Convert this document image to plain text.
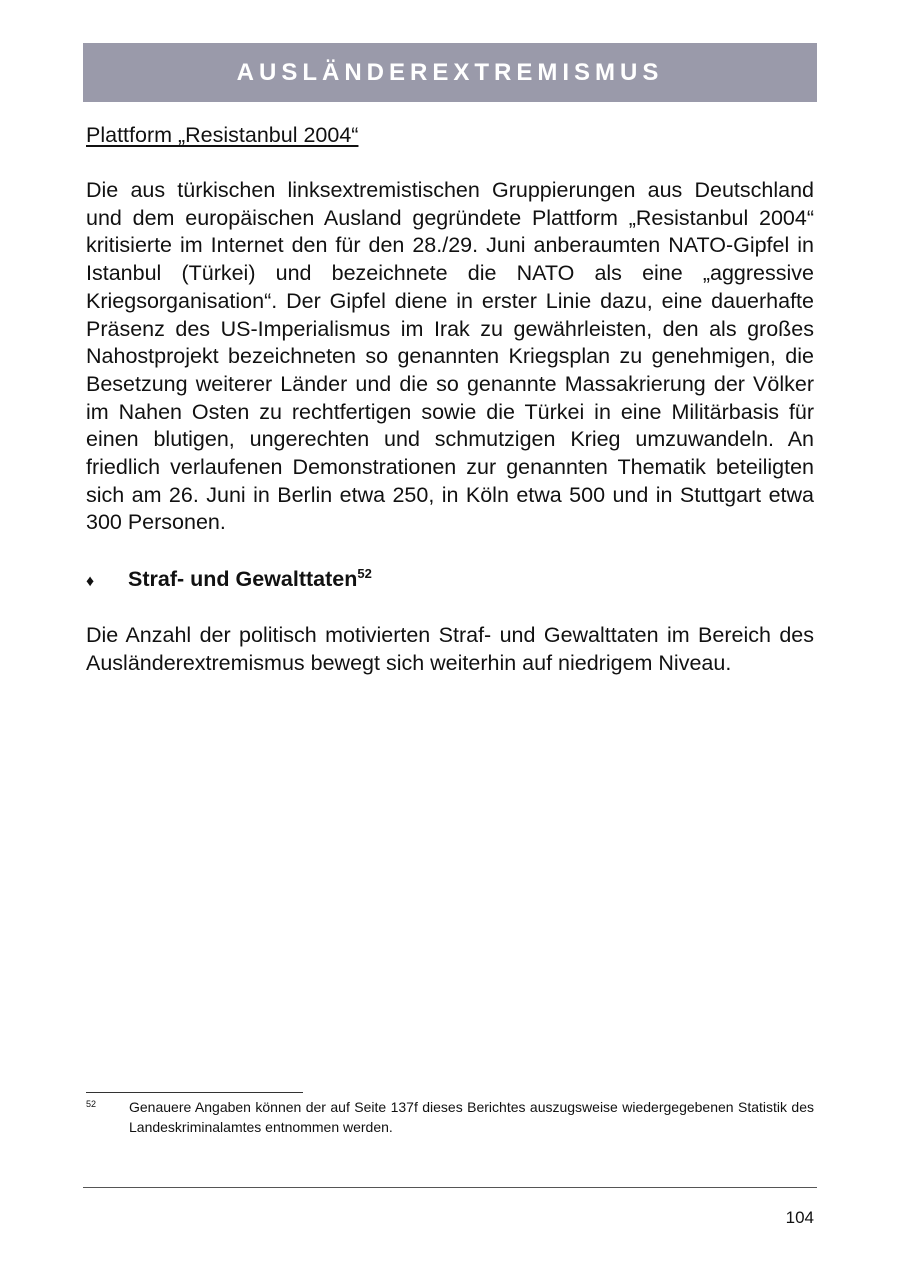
AUSLÄNDEREXTREMISMUS
Plattform „Resistanbul 2004“

Die aus türkischen linksextremistischen Gruppierungen aus Deutschland und dem europäischen Ausland gegründete Plattform „Resistanbul 2004“ kritisierte im Internet den für den 28./29. Juni anberaumten NATO-Gipfel in Istanbul (Türkei) und bezeichnete die NATO als eine „aggressive Kriegsorganisation“. Der Gipfel diene in erster Linie dazu, eine dauerhafte Präsenz des US-Imperialismus im Irak zu gewährleisten, den als großes Nahostprojekt bezeichneten so genannten Kriegsplan zu genehmigen, die Besetzung weiterer Länder und die so genannte Massakrierung der Völker im Nahen Osten zu rechtfertigen sowie die Türkei in eine Militärbasis für einen blutigen, ungerechten und schmutzigen Krieg umzuwandeln. An friedlich verlaufenen Demonstrationen zur genannten Thematik beteiligten sich am 26. Juni in Berlin etwa 250, in Köln etwa 500 und in Stuttgart etwa 300 Personen.

♦	Straf- und Gewalttaten$^{52}$

Die Anzahl der politisch motivierten Straf- und Gewalttaten im Bereich des Ausländerextremismus bewegt sich weiterhin auf niedrigem Niveau.

52	Genauere Angaben können der auf Seite 137f dieses Berichtes auszugsweise wiedergegebenen Statistik des Landeskriminalamtes entnommen werden.
104
